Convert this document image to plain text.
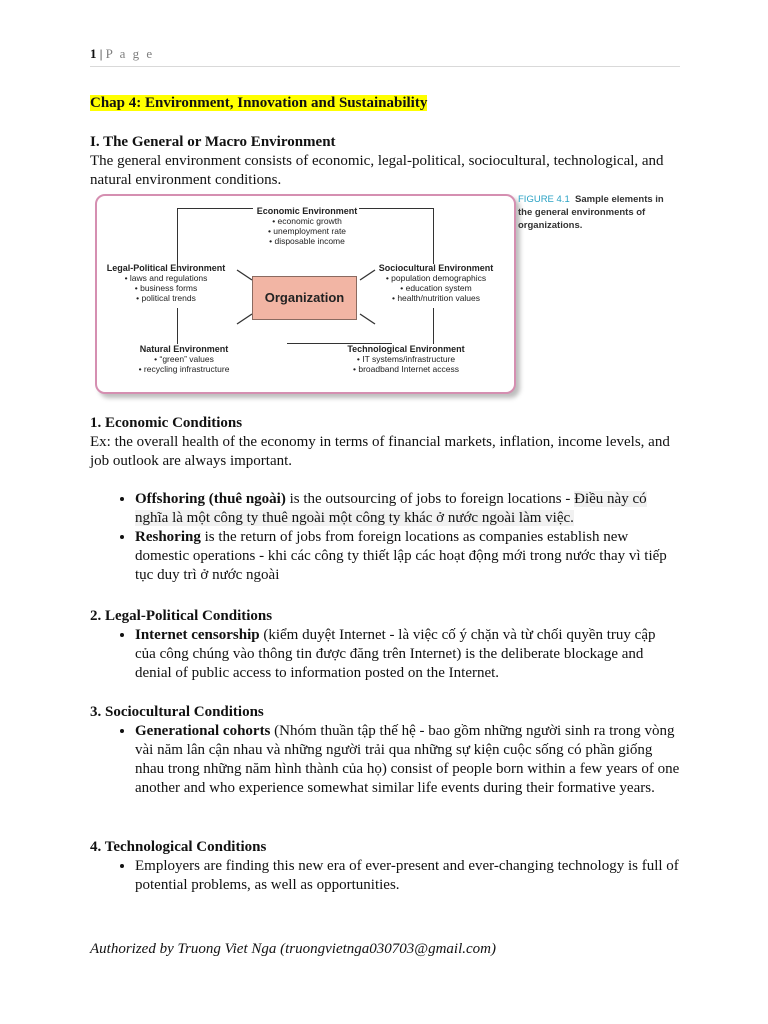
1 | P a g e
Chap 4: Environment, Innovation and Sustainability
I. The General or Macro Environment

The general environment consists of economic, legal-political, sociocultural, technological, and natural environment conditions.

Organization
Economic Environment
• economic growth
• unemployment rate
• disposable income
Legal-Political Environment
• laws and regulations
• business forms
• political trends
Sociocultural Environment
• population demographics
• education system
• health/nutrition values
Natural Environment
• “green” values
• recycling infrastructure
Technological Environment
• IT systems/infrastructure
• broadband Internet access
FIGURE 4.1 Sample elements in the general environments of organizations.
1. Economic Conditions

Ex: the overall health of the economy in terms of financial markets, inflation, income levels, and job outlook are always important.

• Offshoring (thuê ngoài) is the outsourcing of jobs to foreign locations - Điều này có nghĩa là một công ty thuê ngoài một công ty khác ở nước ngoài làm việc.
• Reshoring is the return of jobs from foreign locations as companies establish new domestic operations - khi các công ty thiết lập các hoạt động mới trong nước thay vì tiếp tục duy trì ở nước ngoài
2. Legal-Political Conditions
• Internet censorship (kiểm duyệt Internet - là việc cố ý chặn và từ chối quyền truy cập của công chúng vào thông tin được đăng trên Internet) is the deliberate blockage and denial of public access to information posted on the Internet.
3. Sociocultural Conditions
• Generational cohorts (Nhóm thuần tập thế hệ - bao gồm những người sinh ra trong vòng vài năm lân cận nhau và những người trải qua những sự kiện cuộc sống có phần giống nhau trong những năm hình thành của họ) consist of people born within a few years of one another and who experience somewhat similar life events during their formative years.
4. Technological Conditions
• Employers are finding this new era of ever-present and ever-changing technology is full of potential problems, as well as opportunities.
Authorized by Truong Viet Nga (truongvietnga030703@gmail.com)
